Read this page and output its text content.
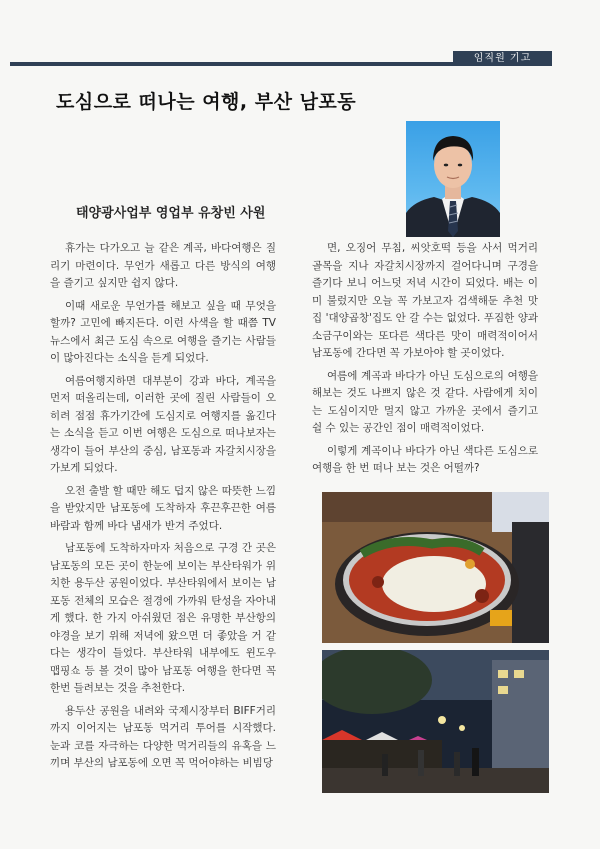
임직원 기고
도심으로 떠나는 여행, 부산 남포동
태양광사업부 영업부 유창빈 사원

휴가는 다가오고 늘 같은 계곡, 바다여행은 질리기 마련이다. 무언가 새롭고 다른 방식의 여행을 즐기고 싶지만 쉽지 않다.

이때 새로운 무언가를 해보고 싶을 때 무엇을 할까? 고민에 빠지든다. 이런 사색을 할 때쯤 TV 뉴스에서 최근 도심 속으로 여행을 즐기는 사람들이 많아진다는 소식을 듣게 되었다.

여름여행지하면 대부분이 강과 바다, 계곡을 먼저 떠올리는데, 이러한 곳에 질린 사람들이 오히려 점점 휴가기간에 도심지로 여행지를 옮긴다는 소식을 듣고 이번 여행은 도심으로 떠나보자는 생각이 들어 부산의 중심, 남포동과 자갈치시장을 가보게 되었다.

오전 출발 할 때만 해도 덥지 않은 따뜻한 느낌을 받았지만 남포동에 도착하자 후끈후끈한 여름 바람과 함께 바다 냄새가 반겨 주었다.

남포동에 도착하자마자 처음으로 구경 간 곳은 남포동의 모든 곳이 한눈에 보이는 부산타워가 위치한 용두산 공원이었다. 부산타워에서 보이는 남포동 전체의 모습은 절경에 가까워 탄성을 자아내게 했다. 한 가지 아쉬웠던 점은 유명한 부산항의 야경을 보기 위해 저녁에 왔으면 더 좋았을 거 같다는 생각이 들었다. 부산타워 내부에도 윈도우 맵핑쇼 등 볼 것이 많아 남포동 여행을 한다면 꼭 한번 들려보는 것을 추천한다.

용두산 공원을 내려와 국제시장부터 BIFF거리까지 이어지는 남포동 먹거리 투어를 시작했다. 눈과 코를 자극하는 다양한 먹거리들의 유혹을 느끼며 부산의 남포동에 오면 꼭 먹어야하는 비빔당

면, 오징어 무침, 씨앗호떡 등을 사서 먹거리 골목을 지나 자갈치시장까지 걸어다니며 구경을 즐기다 보니 어느덧 저녁 시간이 되었다. 배는 이미 불렀지만 오늘 꼭 가보고자 검색해둔 추천 맛집 '대양곱창'집도 안 갈 수는 없었다. 푸짐한 양과 소금구이와는 또다른 색다른 맛이 매력적이어서 남포동에 간다면 꼭 가보아야 할 곳이었다.

여름에 계곡과 바다가 아닌 도심으로의 여행을 해보는 것도 나쁘지 않은 것 같다. 사람에게 치이는 도심이지만 멀지 않고 가까운 곳에서 즐기고 쉴 수 있는 공간인 점이 매력적이었다.

이렇게 계곡이나 바다가 아닌 색다른 도심으로 여행을 한 번 떠나 보는 것은 어떨까?
